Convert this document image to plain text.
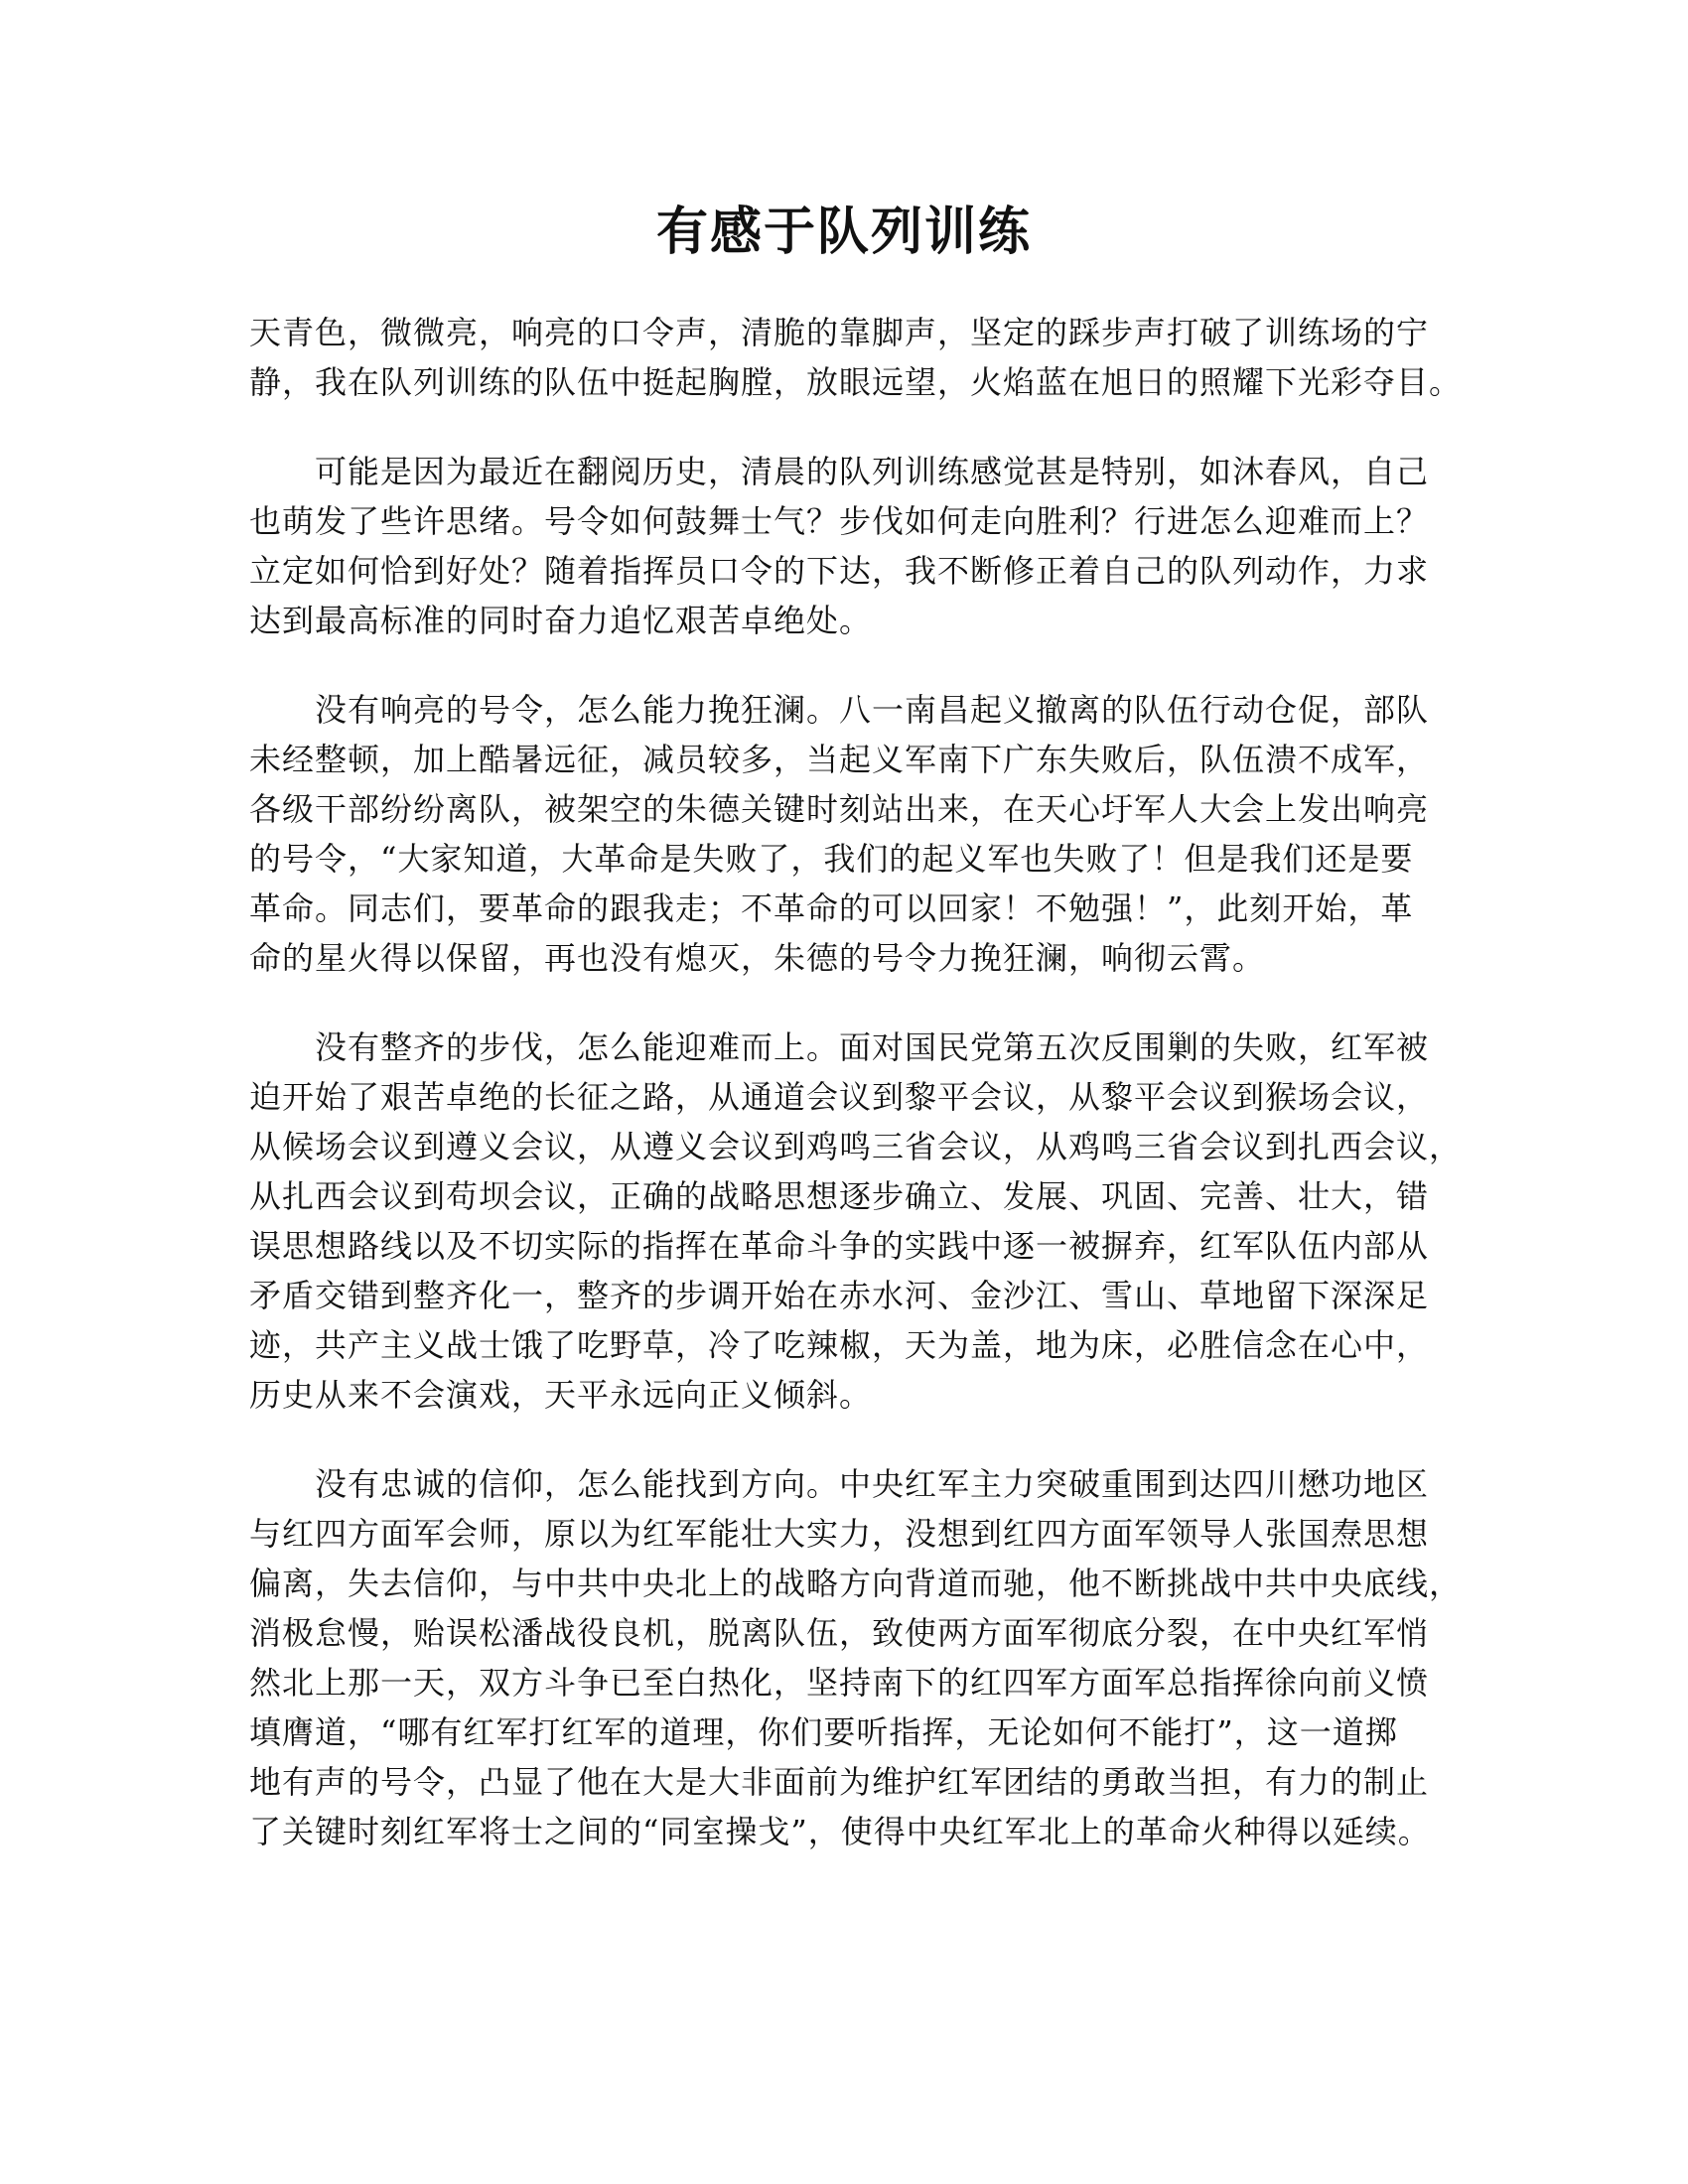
有感于队列训练

天青色，微微亮，响亮的口令声，清脆的靠脚声，坚定的踩步声打破了训练场的宁
静，我在队列训练的队伍中挺起胸膛，放眼远望，火焰蓝在旭日的照耀下光彩夺目。

　　可能是因为最近在翻阅历史，清晨的队列训练感觉甚是特别，如沐春风，自己
也萌发了些许思绪。号令如何鼓舞士气？步伐如何走向胜利？行进怎么迎难而上？
立定如何恰到好处？随着指挥员口令的下达，我不断修正着自己的队列动作，力求
达到最高标准的同时奋力追忆艰苦卓绝处。

　　没有响亮的号令，怎么能力挽狂澜。八一南昌起义撤离的队伍行动仓促，部队
未经整顿，加上酷暑远征，减员较多，当起义军南下广东失败后，队伍溃不成军，
各级干部纷纷离队，被架空的朱德关键时刻站出来，在天心圩军人大会上发出响亮
的号令，“大家知道，大革命是失败了，我们的起义军也失败了！但是我们还是要
革命。同志们，要革命的跟我走；不革命的可以回家！不勉强！”，此刻开始，革
命的星火得以保留，再也没有熄灭，朱德的号令力挽狂澜，响彻云霄。

　　没有整齐的步伐，怎么能迎难而上。面对国民党第五次反围剿的失败，红军被
迫开始了艰苦卓绝的长征之路，从通道会议到黎平会议，从黎平会议到猴场会议，
从候场会议到遵义会议，从遵义会议到鸡鸣三省会议，从鸡鸣三省会议到扎西会议，
从扎西会议到苟坝会议，正确的战略思想逐步确立、发展、巩固、完善、壮大，错
误思想路线以及不切实际的指挥在革命斗争的实践中逐一被摒弃，红军队伍内部从
矛盾交错到整齐化一，整齐的步调开始在赤水河、金沙江、雪山、草地留下深深足
迹，共产主义战士饿了吃野草，冷了吃辣椒，天为盖，地为床，必胜信念在心中，
历史从来不会演戏，天平永远向正义倾斜。

　　没有忠诚的信仰，怎么能找到方向。中央红军主力突破重围到达四川懋功地区
与红四方面军会师，原以为红军能壮大实力，没想到红四方面军领导人张国焘思想
偏离，失去信仰，与中共中央北上的战略方向背道而驰，他不断挑战中共中央底线，
消极怠慢，贻误松潘战役良机，脱离队伍，致使两方面军彻底分裂，在中央红军悄
然北上那一天，双方斗争已至白热化，坚持南下的红四军方面军总指挥徐向前义愤
填膺道，“哪有红军打红军的道理，你们要听指挥，无论如何不能打”，这一道掷
地有声的号令，凸显了他在大是大非面前为维护红军团结的勇敢当担，有力的制止
了关键时刻红军将士之间的“同室操戈”，使得中央红军北上的革命火种得以延续。
